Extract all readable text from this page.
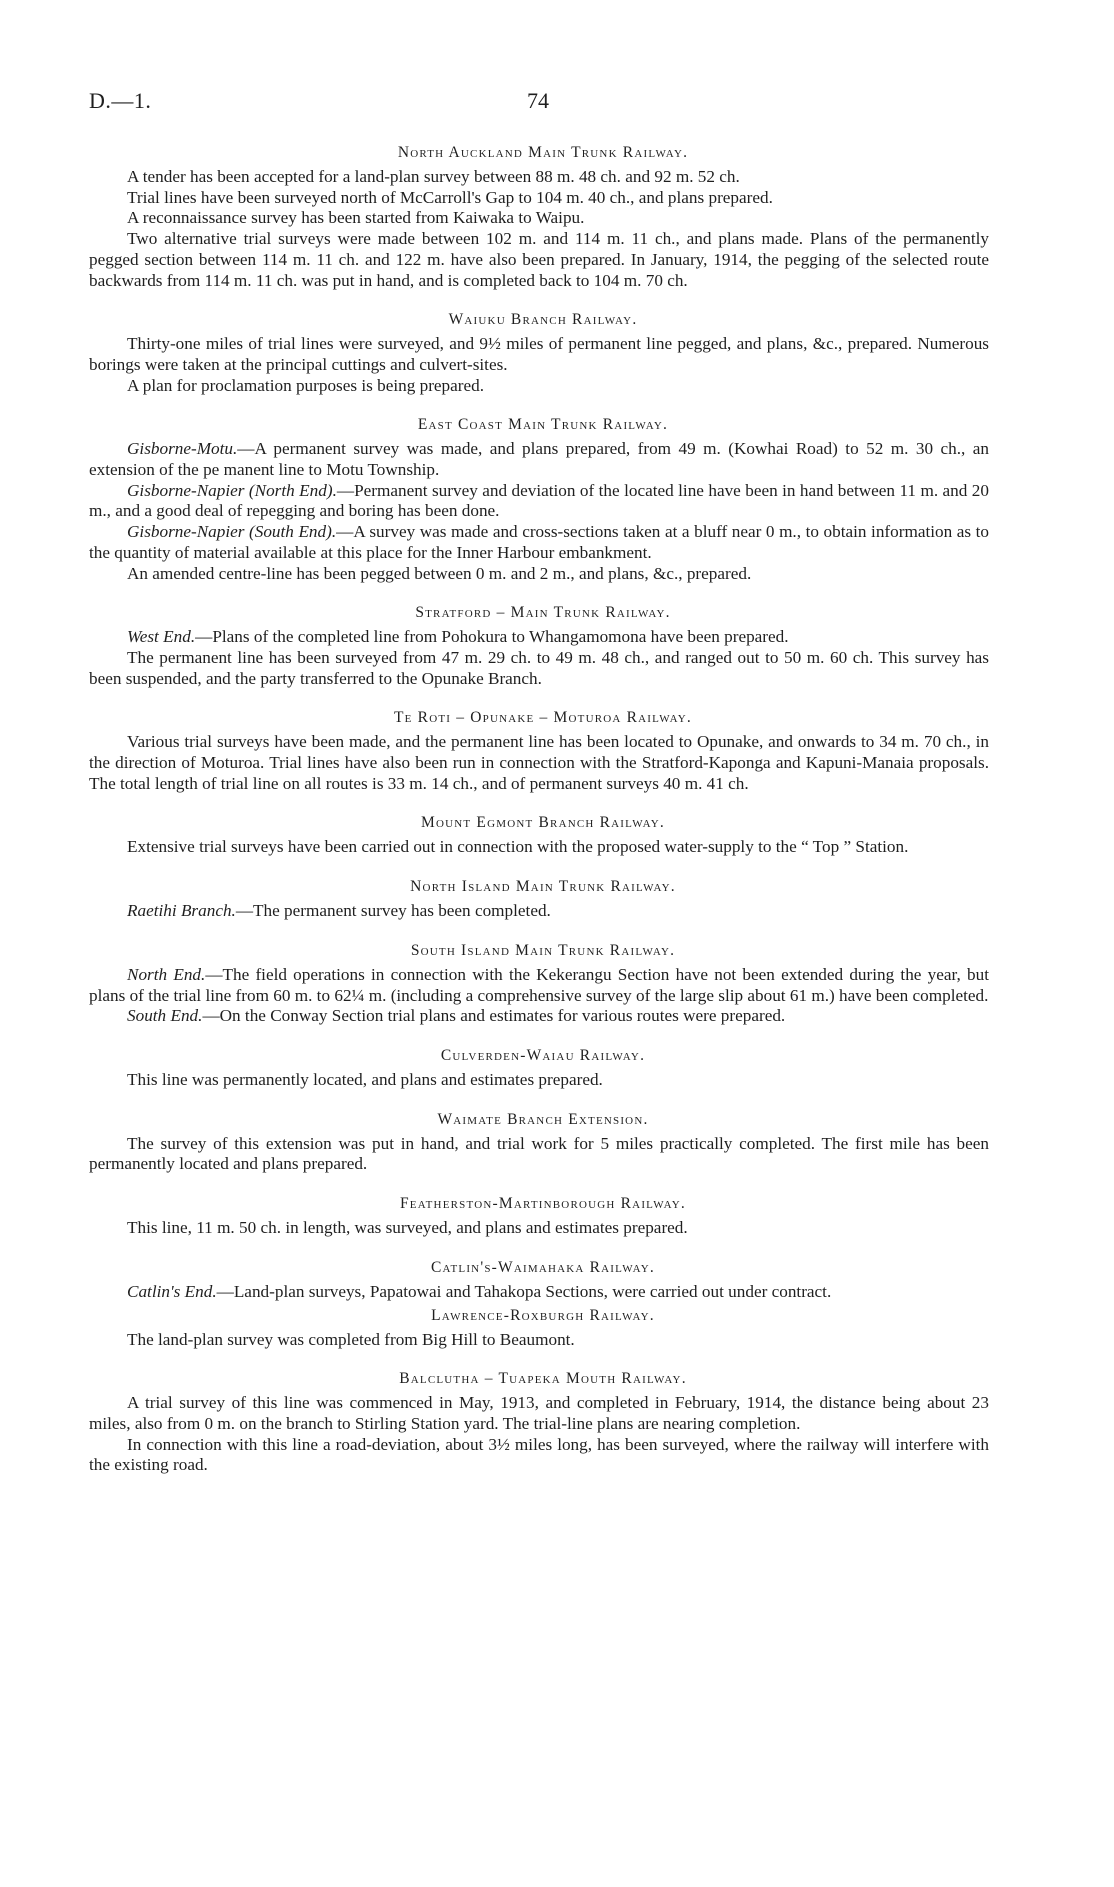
D.—1.	74
North Auckland Main Trunk Railway.

A tender has been accepted for a land-plan survey between 88 m. 48 ch. and 92 m. 52 ch.

Trial lines have been surveyed north of McCarroll's Gap to 104 m. 40 ch., and plans prepared.

A reconnaissance survey has been started from Kaiwaka to Waipu.

Two alternative trial surveys were made between 102 m. and 114 m. 11 ch., and plans made. Plans of the permanently pegged section between 114 m. 11 ch. and 122 m. have also been prepared. In January, 1914, the pegging of the selected route backwards from 114 m. 11 ch. was put in hand, and is completed back to 104 m. 70 ch.

Waiuku Branch Railway.

Thirty-one miles of trial lines were surveyed, and 9½ miles of permanent line pegged, and plans, &c., prepared. Numerous borings were taken at the principal cuttings and culvert-sites.

A plan for proclamation purposes is being prepared.

East Coast Main Trunk Railway.

Gisborne-Motu.—A permanent survey was made, and plans prepared, from 49 m. (Kowhai Road) to 52 m. 30 ch., an extension of the pe manent line to Motu Township.

Gisborne-Napier (North End).—Permanent survey and deviation of the located line have been in hand between 11 m. and 20 m., and a good deal of repegging and boring has been done.

Gisborne-Napier (South End).—A survey was made and cross-sections taken at a bluff near 0 m., to obtain information as to the quantity of material available at this place for the Inner Harbour embankment.

An amended centre-line has been pegged between 0 m. and 2 m., and plans, &c., prepared.

Stratford – Main Trunk Railway.

West End.—Plans of the completed line from Pohokura to Whangamomona have been prepared.

The permanent line has been surveyed from 47 m. 29 ch. to 49 m. 48 ch., and ranged out to 50 m. 60 ch. This survey has been suspended, and the party transferred to the Opunake Branch.

Te Roti – Opunake – Moturoa Railway.

Various trial surveys have been made, and the permanent line has been located to Opunake, and onwards to 34 m. 70 ch., in the direction of Moturoa. Trial lines have also been run in connection with the Stratford-Kaponga and Kapuni-Manaia proposals. The total length of trial line on all routes is 33 m. 14 ch., and of permanent surveys 40 m. 41 ch.

Mount Egmont Branch Railway.

Extensive trial surveys have been carried out in connection with the proposed water-supply to the “ Top ” Station.

North Island Main Trunk Railway.

Raetihi Branch.—The permanent survey has been completed.

South Island Main Trunk Railway.

North End.—The field operations in connection with the Kekerangu Section have not been extended during the year, but plans of the trial line from 60 m. to 62¼ m. (including a comprehensive survey of the large slip about 61 m.) have been completed.

South End.—On the Conway Section trial plans and estimates for various routes were prepared.

Culverden-Waiau Railway.

This line was permanently located, and plans and estimates prepared.

Waimate Branch Extension.

The survey of this extension was put in hand, and trial work for 5 miles practically completed. The first mile has been permanently located and plans prepared.

Featherston-Martinborough Railway.

This line, 11 m. 50 ch. in length, was surveyed, and plans and estimates prepared.

Catlin's-Waimahaka Railway.

Catlin's End.—Land-plan surveys, Papatowai and Tahakopa Sections, were carried out under contract.

Lawrence-Roxburgh Railway.

The land-plan survey was completed from Big Hill to Beaumont.

Balclutha – Tuapeka Mouth Railway.

A trial survey of this line was commenced in May, 1913, and completed in February, 1914, the distance being about 23 miles, also from 0 m. on the branch to Stirling Station yard. The trial-line plans are nearing completion.

In connection with this line a road-deviation, about 3½ miles long, has been surveyed, where the railway will interfere with the existing road.
